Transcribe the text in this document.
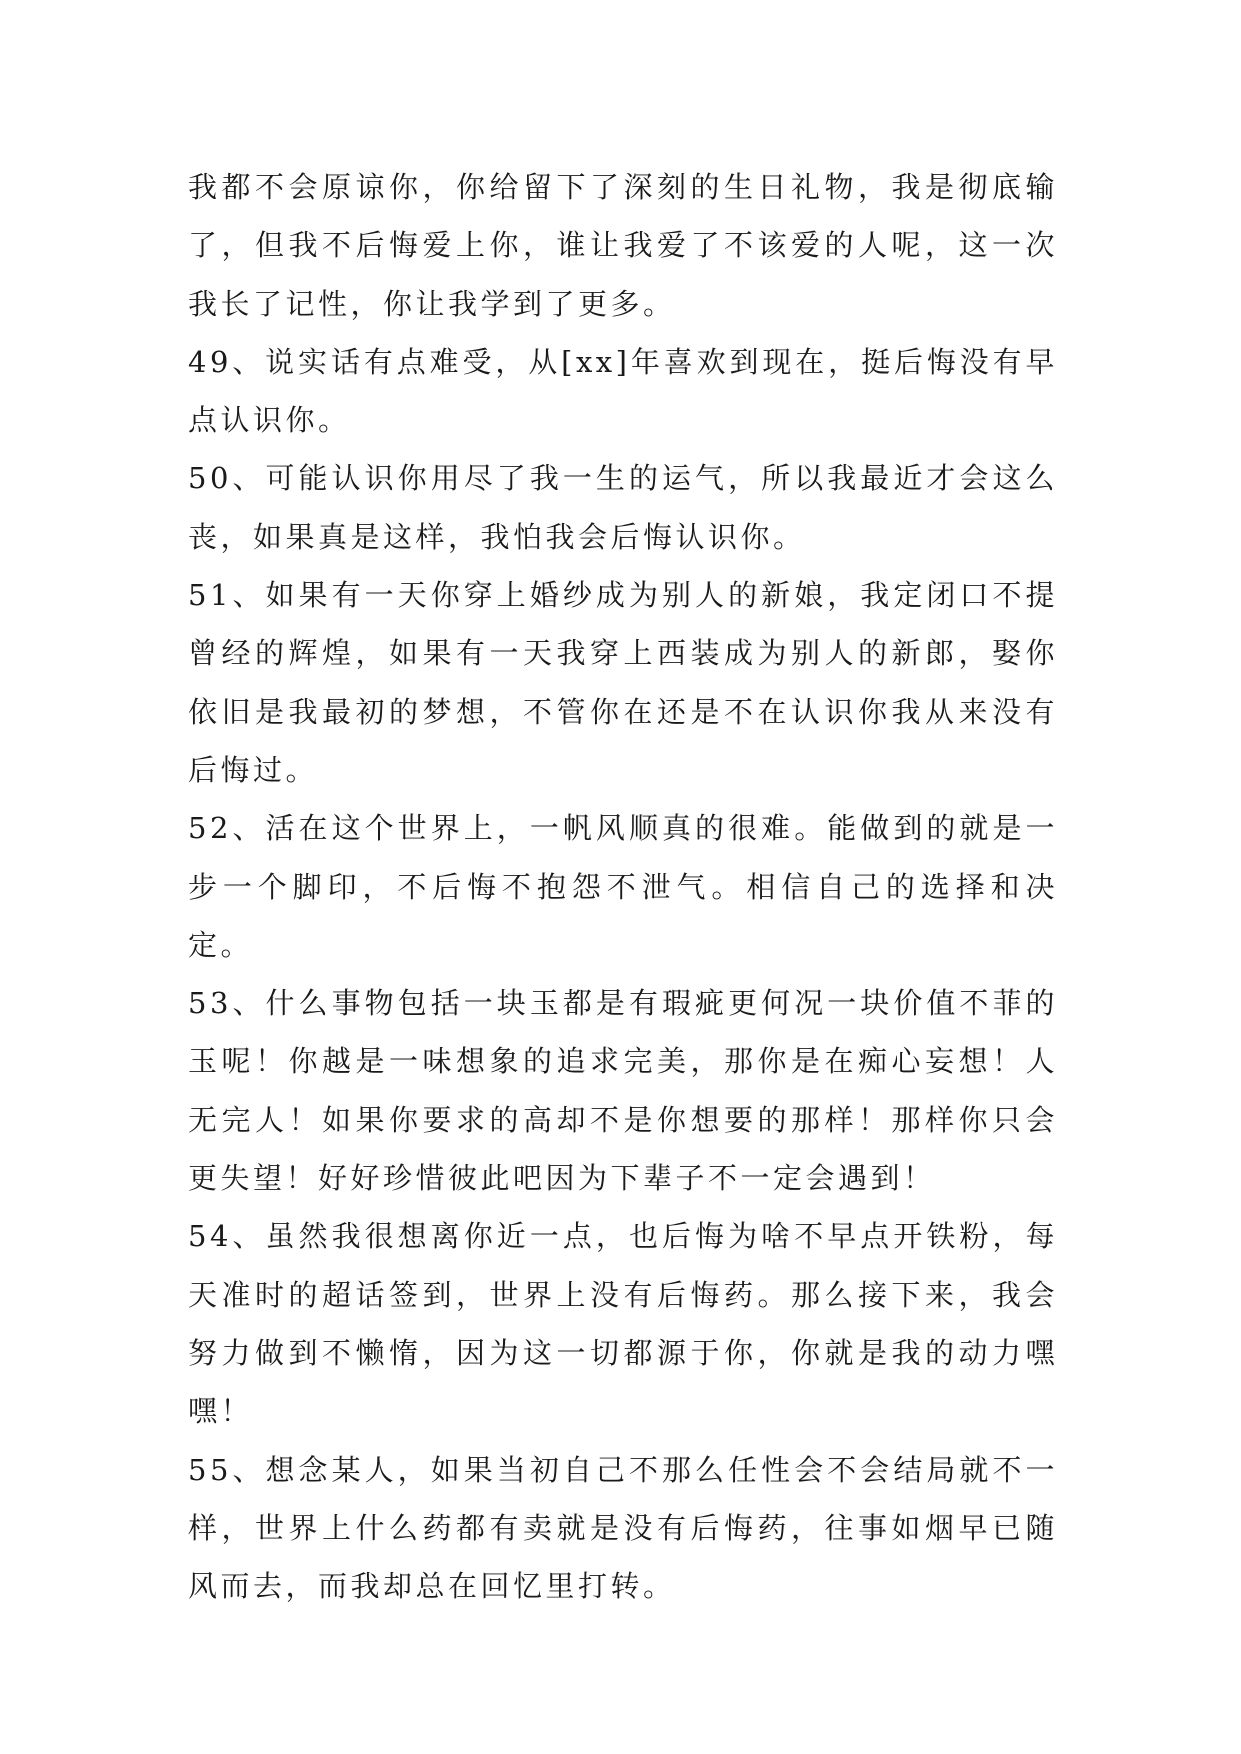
我都不会原谅你，你给留下了深刻的生日礼物，我是彻底输了，但我不后悔爱上你，谁让我爱了不该爱的人呢，这一次我长了记性，你让我学到了更多。

49、说实话有点难受，从[xx]年喜欢到现在，挺后悔没有早点认识你。

50、可能认识你用尽了我一生的运气，所以我最近才会这么丧，如果真是这样，我怕我会后悔认识你。

51、如果有一天你穿上婚纱成为别人的新娘，我定闭口不提曾经的辉煌，如果有一天我穿上西装成为别人的新郎，娶你依旧是我最初的梦想，不管你在还是不在认识你我从来没有后悔过。

52、活在这个世界上，一帆风顺真的很难。能做到的就是一步一个脚印，不后悔不抱怨不泄气。相信自己的选择和决定。

53、什么事物包括一块玉都是有瑕疵更何况一块价值不菲的玉呢！你越是一味想象的追求完美，那你是在痴心妄想！人无完人！如果你要求的高却不是你想要的那样！那样你只会更失望！好好珍惜彼此吧因为下辈子不一定会遇到！

54、虽然我很想离你近一点，也后悔为啥不早点开铁粉，每天准时的超话签到，世界上没有后悔药。那么接下来，我会努力做到不懒惰，因为这一切都源于你，你就是我的动力嘿嘿！

55、想念某人，如果当初自己不那么任性会不会结局就不一样，世界上什么药都有卖就是没有后悔药，往事如烟早已随风而去，而我却总在回忆里打转。
